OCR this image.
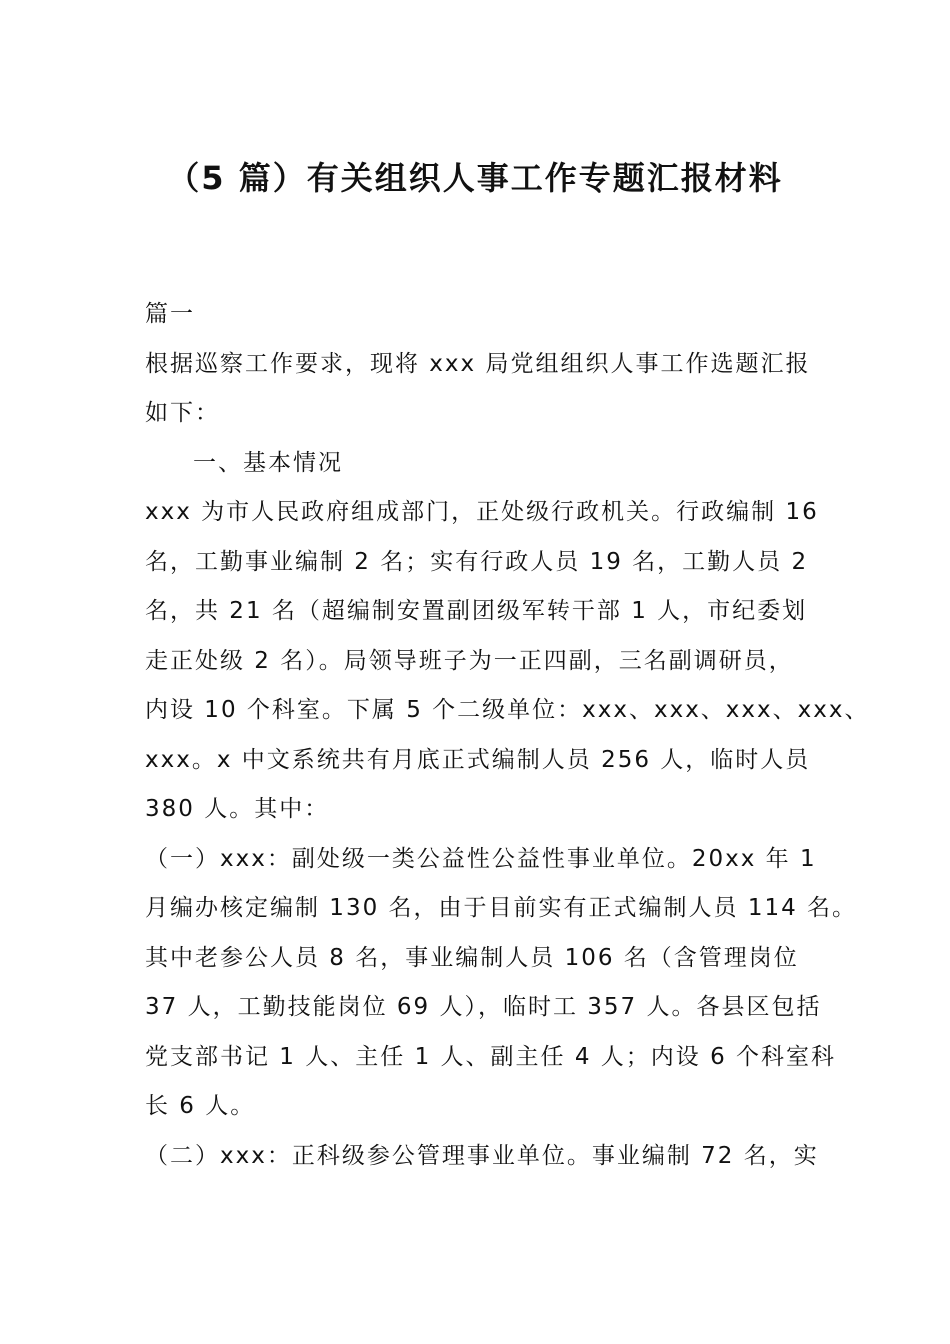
（5 篇）有关组织人事工作专题汇报材料
篇一
根据巡察工作要求，现将 xxx 局党组组织人事工作选题汇报
如下：
一、基本情况
xxx 为市人民政府组成部门，正处级行政机关。行政编制 16
名，工勤事业编制 2 名；实有行政人员 19 名，工勤人员 2
名，共 21 名（超编制安置副团级军转干部 1 人，市纪委划
走正处级 2 名）。局领导班子为一正四副，三名副调研员，
内设 10 个科室。下属 5 个二级单位：xxx、xxx、xxx、xxx、
xxx。x 中文系统共有月底正式编制人员 256 人，临时人员
380 人。其中：
（一）xxx：副处级一类公益性公益性事业单位。20xx 年 1
月编办核定编制 130 名，由于目前实有正式编制人员 114 名。
其中老参公人员 8 名，事业编制人员 106 名（含管理岗位
37 人，工勤技能岗位 69 人），临时工 357 人。各县区包括
党支部书记 1 人、主任 1 人、副主任 4 人；内设 6 个科室科
长 6 人。
（二）xxx：正科级参公管理事业单位。事业编制 72 名，实
